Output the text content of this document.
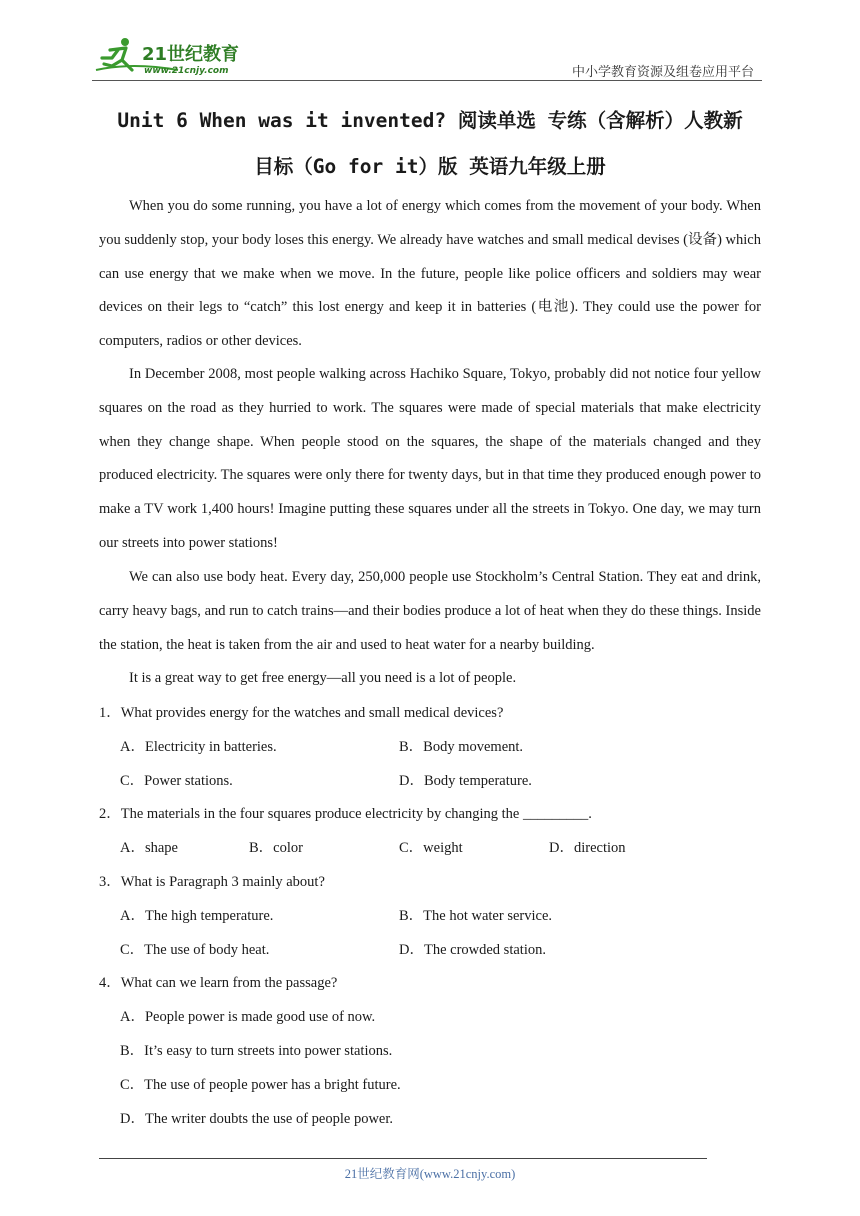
21世纪教育
www.21cnjy.com	中小学教育资源及组卷应用平台
Unit 6 When was it invented? 阅读单选 专练（含解析）人教新
目标（Go for it）版 英语九年级上册

When you do some running, you have a lot of energy which comes from the movement of your body. When you suddenly stop, your body loses this energy. We already have watches and small medical devises (设备) which can use energy that we make when we move. In the future, people like police officers and soldiers may wear devices on their legs to “catch” this lost energy and keep it in batteries (电池). They could use the power for computers, radios or other devices.

In December 2008, most people walking across Hachiko Square, Tokyo, probably did not notice four yellow squares on the road as they hurried to work. The squares were made of special materials that make electricity when they change shape. When people stood on the squares, the shape of the materials changed and they produced electricity. The squares were only there for twenty days, but in that time they produced enough power to make a TV work 1,400 hours! Imagine putting these squares under all the streets in Tokyo. One day, we may turn our streets into power stations!

We can also use body heat. Every day, 250,000 people use Stockholm’s Central Station. They eat and drink, carry heavy bags, and run to catch trains—and their bodies produce a lot of heat when they do these things. Inside the station, the heat is taken from the air and used to heat water for a nearby building.

It is a great way to get free energy—all you need is a lot of people.

1．What provides energy for the watches and small medical devices?
A．Electricity in batteries.	B．Body movement.
C．Power stations.	D．Body temperature.
2．The materials in the four squares produce electricity by changing the _________.
A．shape	B．color	C．weight	D．direction
3．What is Paragraph 3 mainly about?
A．The high temperature.	B．The hot water service.
C．The use of body heat.	D．The crowded station.
4．What can we learn from the passage?
A．People power is made good use of now.
B．It’s easy to turn streets into power stations.
C．The use of people power has a bright future.
D．The writer doubts the use of people power.
21世纪教育网(www.21cnjy.com)
